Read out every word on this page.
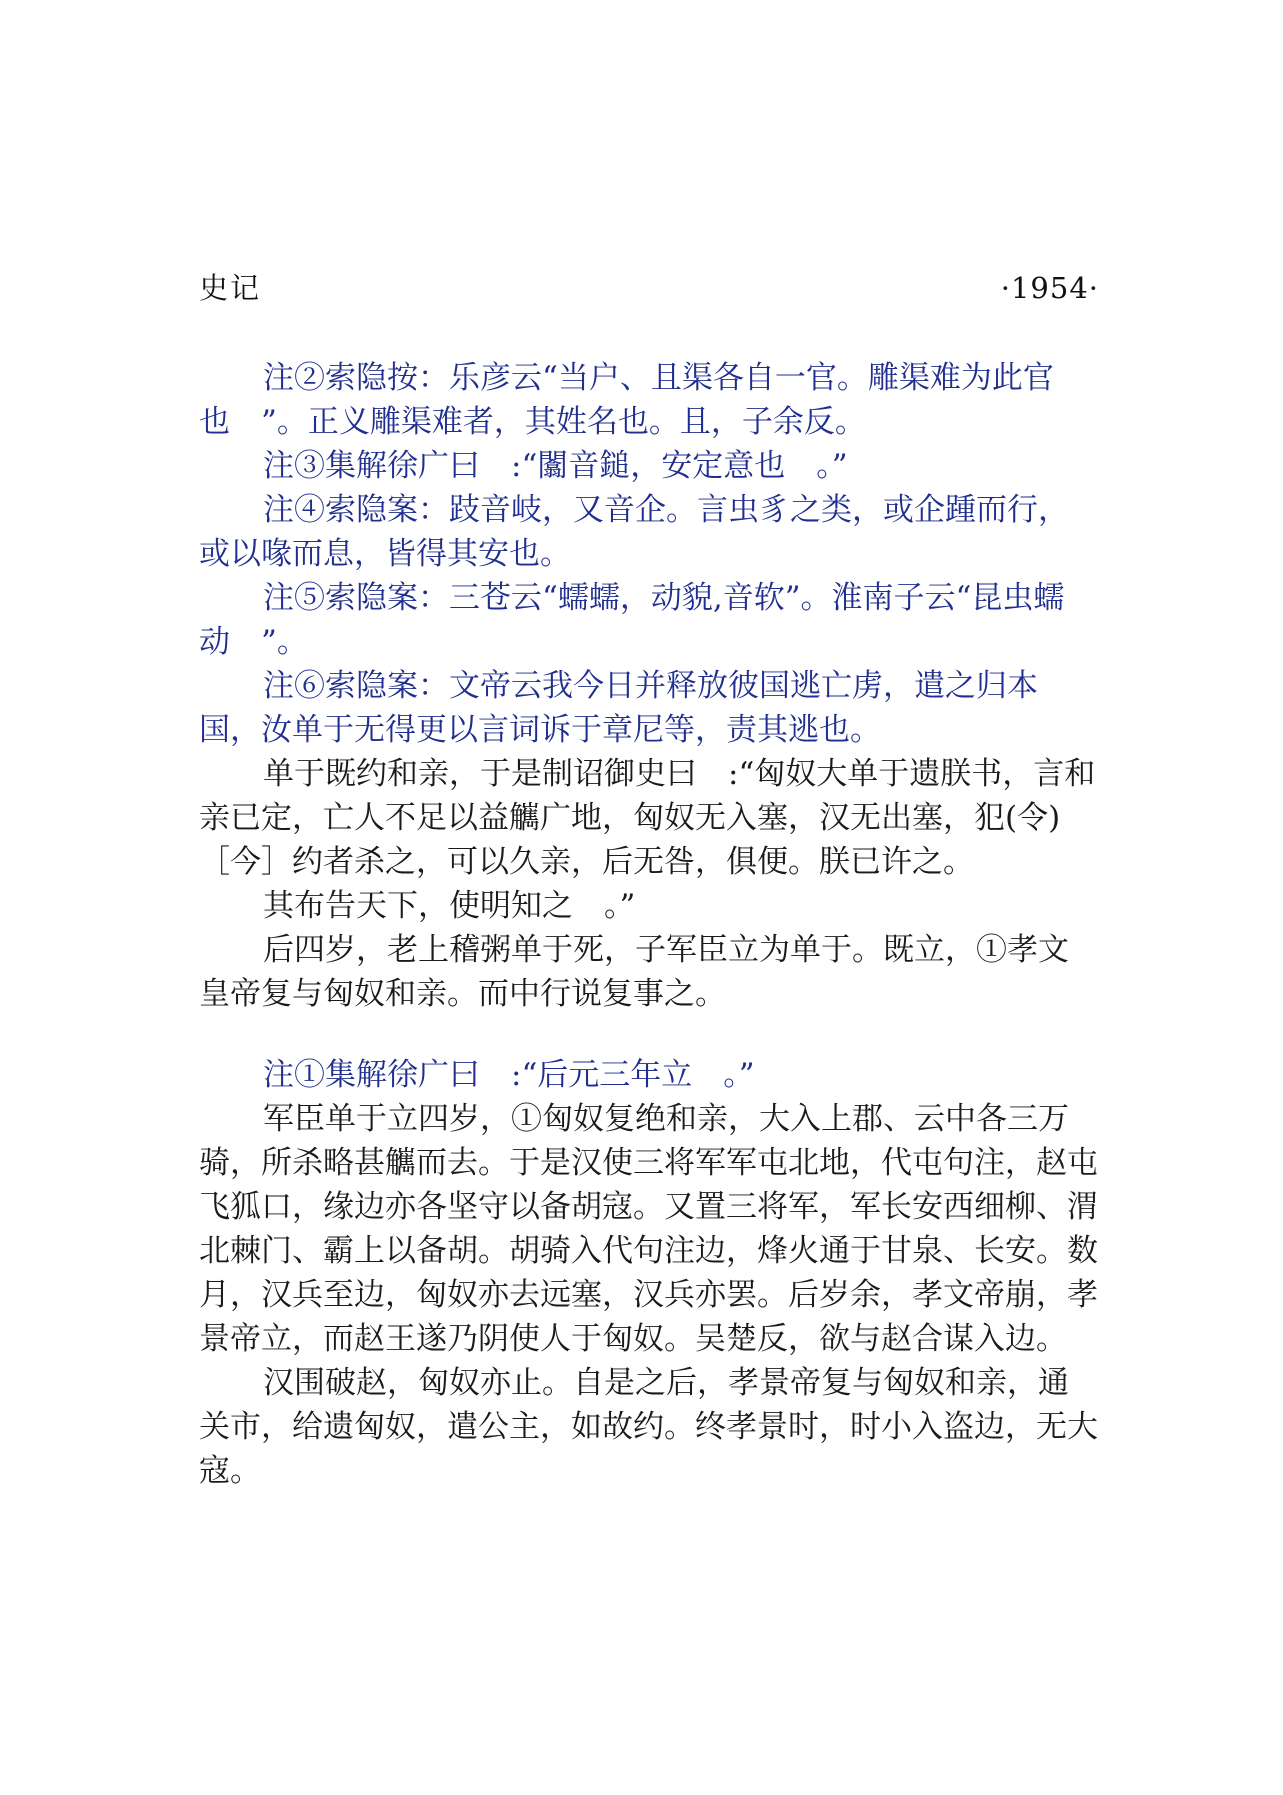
史记	·1954·

注②索隐按：乐彦云“当户、且渠各自一官。雕渠难为此官也　”。正义雕渠难者，其姓名也。且，子余反。

注③集解徐广曰　:“闟音鎚，安定意也　。”

注④索隐案：跂音岐，又音企。言虫豸之类，或企踵而行，或以喙而息，皆得其安也。

注⑤索隐案：三苍云“蠕蠕，动貌,音软”。淮南子云“昆虫蠕动　”。

注⑥索隐案：文帝云我今日并释放彼国逃亡虏，遣之归本国，汝单于无得更以言词诉于章尼等，责其逃也。

单于既约和亲，于是制诏御史曰　:“匈奴大单于遗朕书，言和亲已定，亡人不足以益觽广地，匈奴无入塞，汉无出塞，犯(令)［今］约者杀之，可以久亲，后无咎，俱便。朕已许之。

其布告天下，使明知之　。”

后四岁，老上稽粥单于死，子军臣立为单于。既立，①孝文皇帝复与匈奴和亲。而中行说复事之。

注①集解徐广曰　:“后元三年立　。”

军臣单于立四岁，①匈奴复绝和亲，大入上郡、云中各三万骑，所杀略甚觽而去。于是汉使三将军军屯北地，代屯句注，赵屯飞狐口，缘边亦各坚守以备胡寇。又置三将军，军长安西细柳、渭北棘门、霸上以备胡。胡骑入代句注边，烽火通于甘泉、长安。数月，汉兵至边，匈奴亦去远塞，汉兵亦罢。后岁余，孝文帝崩，孝景帝立，而赵王遂乃阴使人于匈奴。吴楚反，欲与赵合谋入边。

汉围破赵，匈奴亦止。自是之后，孝景帝复与匈奴和亲，通关市，给遗匈奴，遣公主，如故约。终孝景时，时小入盗边，无大寇。
